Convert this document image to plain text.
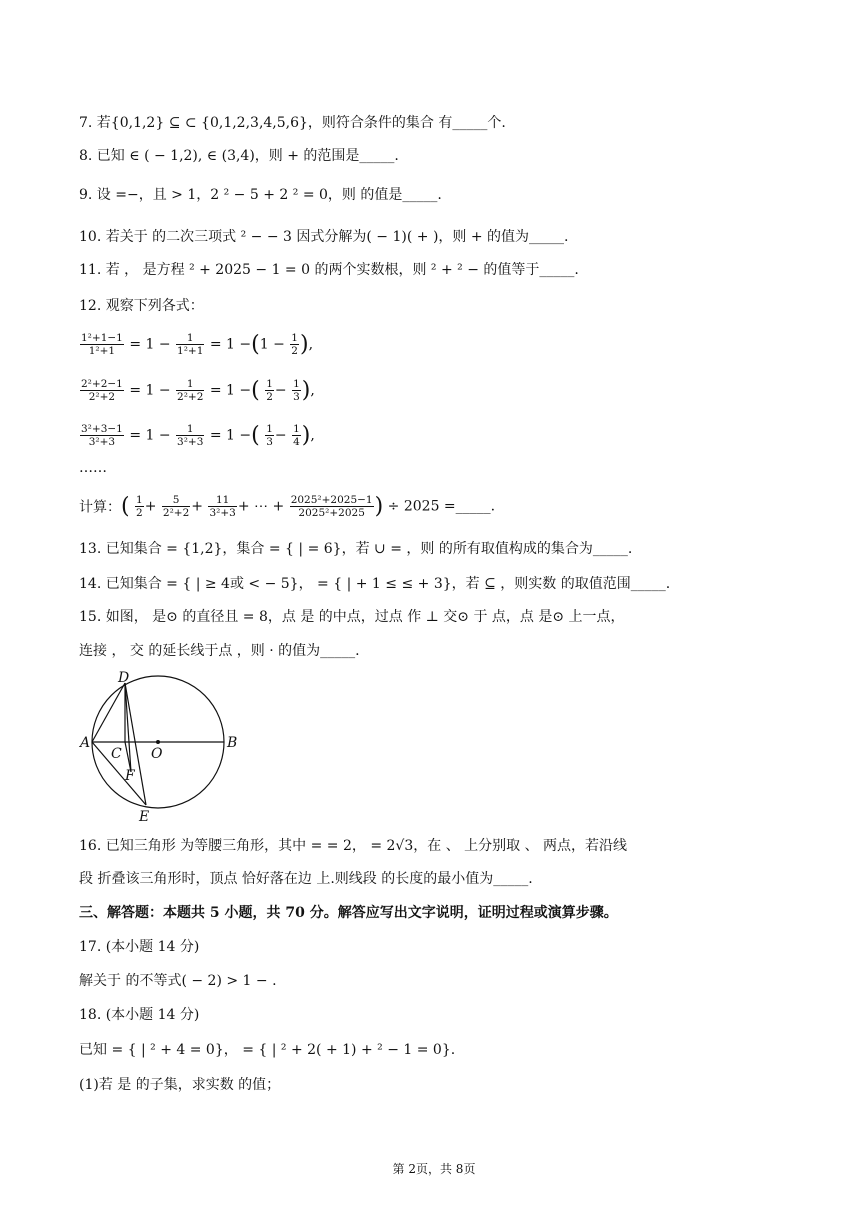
7. 若{0,1,2} ⊆ ⊂ {0,1,2,3,4,5,6}，则符合条件的集合 有_____个.
8. 已知 ∈ ( − 1,2), ∈ (3,4)，则 + 的范围是_____.
9. 设 =−，且 > 1，2 ² − 5 + 2 ² = 0，则 的值是_____.
10. 若关于 的二次三项式 ² − − 3 因式分解为( − 1)( + )，则 + 的值为_____.
11. 若 ， 是方程 ² + 2025 − 1 = 0 的两个实数根，则 ² + ² − 的值等于_____.
12. 观察下列各式：
$\frac{\text{1²+1−1}}{\text{1²+1}} = 1 - \frac{1}{\text{1²+1}} = 1 -(1 - \frac{1}{2}$ ),
$\frac{\text{2²+2−1}}{\text{2²+2}} = 1 - \frac{1}{\text{2²+2}} = 1$ −( $\frac{1}{2} - \frac{1}{3}$ ),
$\frac{\text{3²+3−1}}{\text{3²+3}} = 1 - \frac{1}{\text{3²+3}} = 1$ −( $\frac{1}{3} - \frac{1}{4}$ ),
……
计算：( $\frac{1}{2} + \frac{5}{\text{2²+2}} + \frac{11}{\text{3²+3}}$ + ⋯ + $\frac{\text{2025²+2025−1}}{\text{2025²+2025}}$ ) ÷ 2025 =_____.
13. 已知集合 = {1,2}，集合 = { | = 6}，若 ∪ = ，则 的所有取值构成的集合为_____.
14. 已知集合 = { | ≥ 4或 < − 5}， = { | + 1 ≤ ≤ + 3}，若 ⊆ ，则实数 的取值范围_____.
15. 如图， 是⊙ 的直径且 = 8，点 是 的中点，过点 作 ⊥ 交⊙ 于 点，点 是⊙ 上一点，
连接 ， 交 的延长线于点 ，则 · 的值为_____.
D
A
C O
B
F
E
16. 已知三角形 为等腰三角形，其中 = = 2， = 2√3，在 、 上分别取 、 两点，若沿线
段 折叠该三角形时，顶点 恰好落在边 上.则线段 的长度的最小值为_____.
三、解答题：本题共 5 小题，共 70 分。解答应写出文字说明，证明过程或演算步骤。
17. (本小题 14 分)
解关于 的不等式( − 2) > 1 − .
18. (本小题 14 分)
已知 = { | ² + 4 = 0}， = { | ² + 2( + 1) + ² − 1 = 0}.
(1)若 是 的子集，求实数 的值；
第 2页，共 8页
